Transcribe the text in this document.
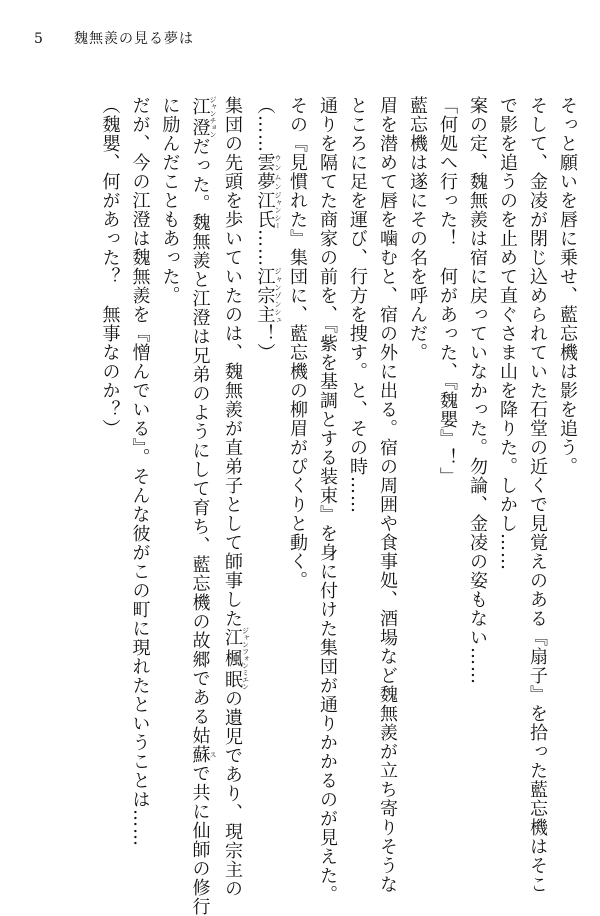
5 魏無羨の見る夢は

そっと願いを唇に乗せ、藍忘機は影を追う。

そして、金凌が閉じ込められていた石堂の近くで見覚えのある『扇子』を拾った藍忘機はそこ

で影を追うのを止めて直ぐさま山を降りた。しかし……

案の定、魏無羨は宿に戻っていなかった。勿論、金凌の姿もない……

「何処へ行った！　何があった、『魏嬰』！」

藍忘機は遂にその名を呼んだ。

眉を潜めて唇を噛むと、宿の外に出る。宿の周囲や食事処、酒場など魏無羨が立ち寄りそうな

ところに足を運び、行方を捜す。と、その時……

通りを隔てた商家の前を、『紫を基調とする装束』を身に付けた集団が通りかかるのが見えた。

その『見慣れた』集団に、藍忘機の柳眉がぴくりと動く。

（……雲夢ウンムン江氏ジャンシー……江宗主ジャンゾンシュ！）

集団の先頭を歩いていたのは、魏無羨が直弟子として師事した江楓眠ジャンフォンミエンの遺児であり、現宗主の

江澄ジャンチョンだった。魏無羨と江澄は兄弟のようにして育ち、藍忘機の故郷である姑蘇スで共に仙師の修行

に励んだこともあった。

だが、今の江澄は魏無羨を『憎んでいる』。そんな彼がこの町に現れたということは……

（魏嬰、何があった？　無事なのか？）
